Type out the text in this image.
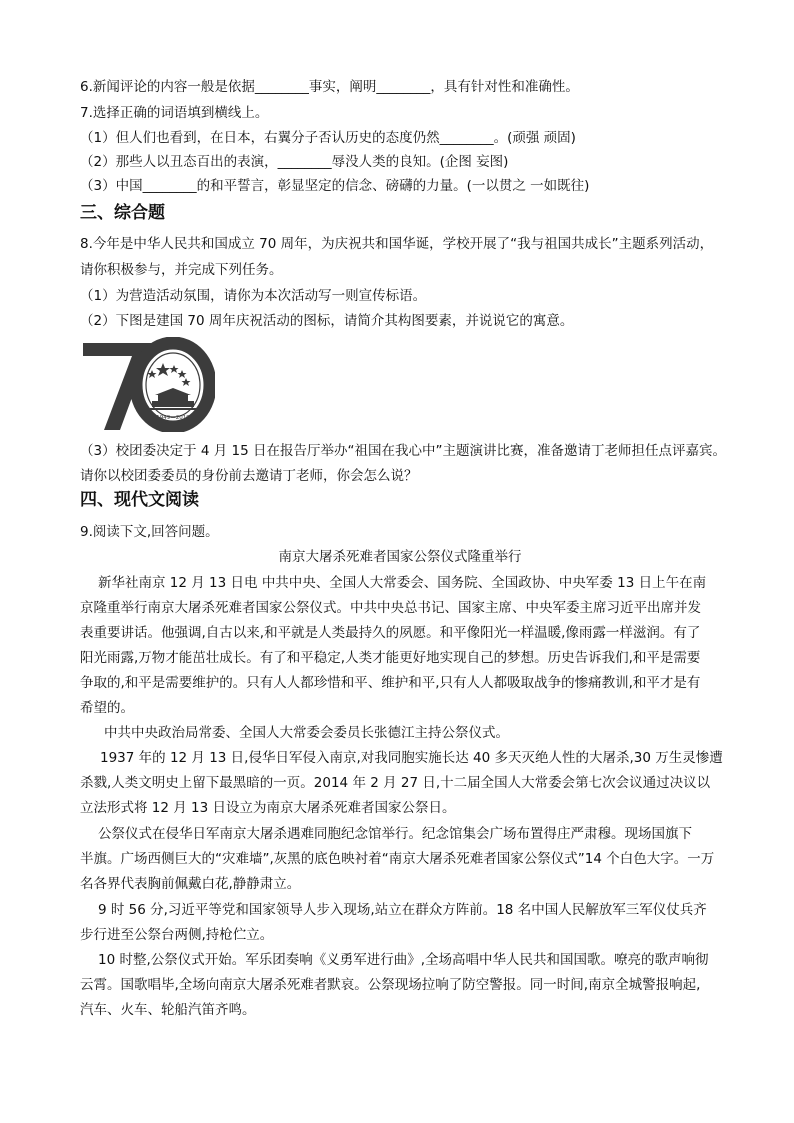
6.新闻评论的内容一般是依据________事实，阐明________，具有针对性和准确性。
7.选择正确的词语填到横线上。
（1）但人们也看到，在日本，右翼分子否认历史的态度仍然________。(顽强 顽固)
（2）那些人以丑态百出的表演，________辱没人类的良知。(企图 妄图)
（3）中国________的和平誓言，彰显坚定的信念、磅礴的力量。(一以贯之 一如既往)
三、综合题
8.今年是中华人民共和国成立 70 周年，为庆祝共和国华诞，学校开展了“我与祖国共成长”主题系列活动，
请你积极参与，并完成下列任务。
（1）为营造活动氛围，请你为本次活动写一则宣传标语。
（2）下图是建国 70 周年庆祝活动的图标，请简介其构图要素，并说说它的寓意。
1949—2019
（3）校团委决定于 4 月 15 日在报告厅举办“祖国在我心中”主题演讲比赛，准备邀请丁老师担任点评嘉宾。
请你以校团委委员的身份前去邀请丁老师，你会怎么说？
四、现代文阅读
9.阅读下文,回答问题。
南京大屠杀死难者国家公祭仪式隆重举行
新华社南京 12 月 13 日电 中共中央、全国人大常委会、国务院、全国政协、中央军委 13 日上午在南
京隆重举行南京大屠杀死难者国家公祭仪式。中共中央总书记、国家主席、中央军委主席习近平出席并发
表重要讲话。他强调,自古以来,和平就是人类最持久的夙愿。和平像阳光一样温暖,像雨露一样滋润。有了
阳光雨露,万物才能茁壮成长。有了和平稳定,人类才能更好地实现自己的梦想。历史告诉我们,和平是需要
争取的,和平是需要维护的。只有人人都珍惜和平、维护和平,只有人人都吸取战争的惨痛教训,和平才是有
希望的。
中共中央政治局常委、全国人大常委会委员长张德江主持公祭仪式。
1937 年的 12 月 13 日,侵华日军侵入南京,对我同胞实施长达 40 多天灭绝人性的大屠杀,30 万生灵惨遭
杀戮,人类文明史上留下最黑暗的一页。2014 年 2 月 27 日,十二届全国人大常委会第七次会议通过决议以
立法形式将 12 月 13 日设立为南京大屠杀死难者国家公祭日。
公祭仪式在侵华日军南京大屠杀遇难同胞纪念馆举行。纪念馆集会广场布置得庄严肃穆。现场国旗下
半旗。广场西侧巨大的“灾难墙”,灰黑的底色映衬着“南京大屠杀死难者国家公祭仪式”14 个白色大字。一万
名各界代表胸前佩戴白花,静静肃立。
9 时 56 分,习近平等党和国家领导人步入现场,站立在群众方阵前。18 名中国人民解放军三军仪仗兵齐
步行进至公祭台两侧,持枪伫立。
10 时整,公祭仪式开始。军乐团奏响《义勇军进行曲》,全场高唱中华人民共和国国歌。嘹亮的歌声响彻
云霄。国歌唱毕,全场向南京大屠杀死难者默哀。公祭现场拉响了防空警报。同一时间,南京全城警报响起,
汽车、火车、轮船汽笛齐鸣。
